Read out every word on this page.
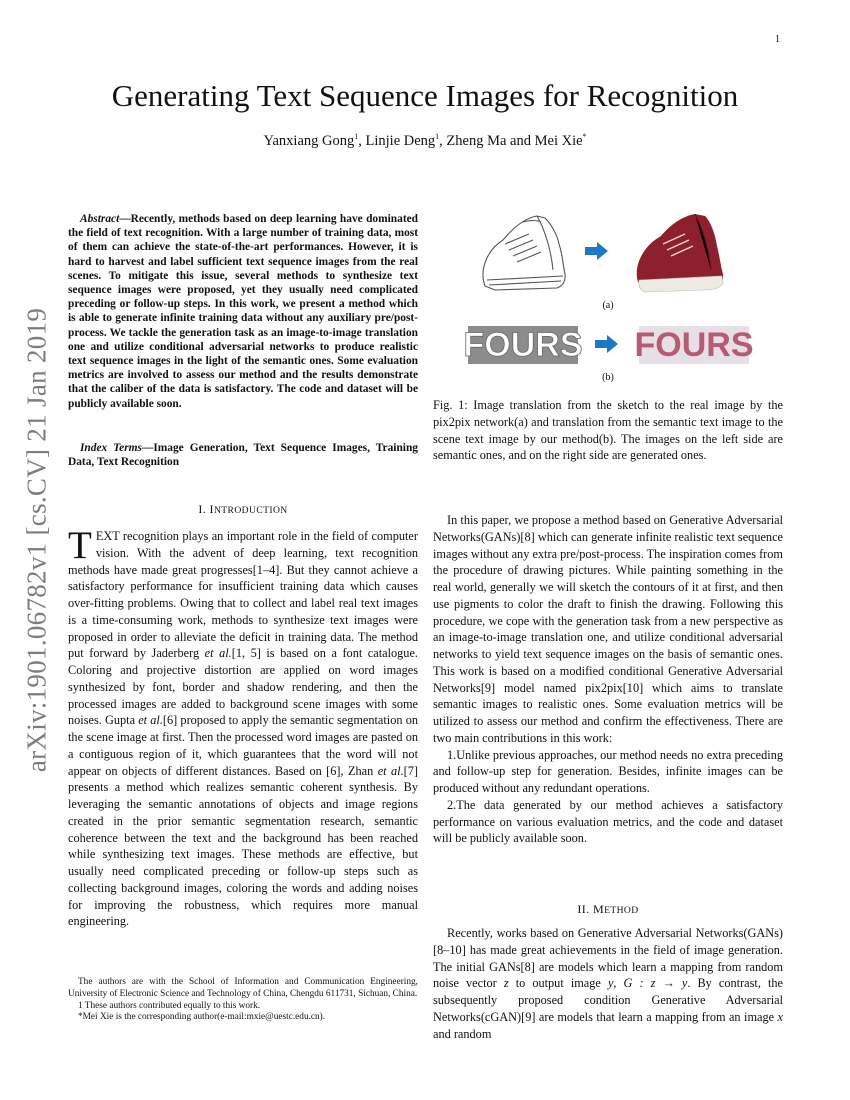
1
arXiv:1901.06782v1 [cs.CV] 21 Jan 2019
Generating Text Sequence Images for Recognition
Yanxiang Gong$^1$, Linjie Deng$^1$, Zheng Ma and Mei Xie*
Abstract—Recently, methods based on deep learning have dominated the field of text recognition. With a large number of training data, most of them can achieve the state-of-the-art performances. However, it is hard to harvest and label sufficient text sequence images from the real scenes. To mitigate this issue, several methods to synthesize text sequence images were proposed, yet they usually need complicated preceding or follow-up steps. In this work, we present a method which is able to generate infinite training data without any auxiliary pre/post-process. We tackle the generation task as an image-to-image translation one and utilize conditional adversarial networks to produce realistic text sequence images in the light of the semantic ones. Some evaluation metrics are involved to assess our method and the results demonstrate that the caliber of the data is satisfactory. The code and dataset will be publicly available soon.
Index Terms—Image Generation, Text Sequence Images, Training Data, Text Recognition
I. INTRODUCTION
TEXT recognition plays an important role in the field of computer vision. With the advent of deep learning, text recognition methods have made great progresses[1–4]. But they cannot achieve a satisfactory performance for insufficient training data which causes over-fitting problems. Owing that to collect and label real text images is a time-consuming work, methods to synthesize text images were proposed in order to alleviate the deficit in training data. The method put forward by Jaderberg et al.[1, 5] is based on a font catalogue. Coloring and projective distortion are applied on word images synthesized by font, border and shadow rendering, and then the processed images are added to background scene images with some noises. Gupta et al.[6] proposed to apply the semantic segmentation on the scene image at first. Then the processed word images are pasted on a contiguous region of it, which guarantees that the word will not appear on objects of different distances. Based on [6], Zhan et al.[7] presents a method which realizes semantic coherent synthesis. By leveraging the semantic annotations of objects and image regions created in the prior semantic segmentation research, semantic coherence between the text and the background has been reached while synthesizing text images. These methods are effective, but usually need complicated preceding or follow-up steps such as collecting background images, coloring the words and adding noises for improving the robustness, which requires more manual engineering.

The authors are with the School of Information and Communication Engineering, University of Electronic Science and Technology of China, Chengdu 611731, Sichuan, China.

1 These authors contributed equally to this work.

*Mei Xie is the corresponding author(e-mail:mxie@uestc.edu.cn).

FOURS FOURS
(a)
(b)
Fig. 1: Image translation from the sketch to the real image by the pix2pix network(a) and translation from the semantic text image to the scene text image by our method(b). The images on the left side are semantic ones, and on the right side are generated ones.

In this paper, we propose a method based on Generative Adversarial Networks(GANs)[8] which can generate infinite realistic text sequence images without any extra pre/post-process. The inspiration comes from the procedure of drawing pictures. While painting something in the real world, generally we will sketch the contours of it at first, and then use pigments to color the draft to finish the drawing. Following this procedure, we cope with the generation task from a new perspective as an image-to-image translation one, and utilize conditional adversarial networks to yield text sequence images on the basis of semantic ones. This work is based on a modified conditional Generative Adversarial Networks[9] model named pix2pix[10] which aims to translate semantic images to realistic ones. Some evaluation metrics will be utilized to assess our method and confirm the effectiveness. There are two main contributions in this work:

1.Unlike previous approaches, our method needs no extra preceding and follow-up step for generation. Besides, infinite images can be produced without any redundant operations.

2.The data generated by our method achieves a satisfactory performance on various evaluation metrics, and the code and dataset will be publicly available soon.

II. METHOD

Recently, works based on Generative Adversarial Networks(GANs)[8–10] has made great achievements in the field of image generation. The initial GANs[8] are models which learn a mapping from random noise vector z to output image y, G : z → y. By contrast, the subsequently proposed condition Generative Adversarial Networks(cGAN)[9] are models that learn a mapping from an image x and random
